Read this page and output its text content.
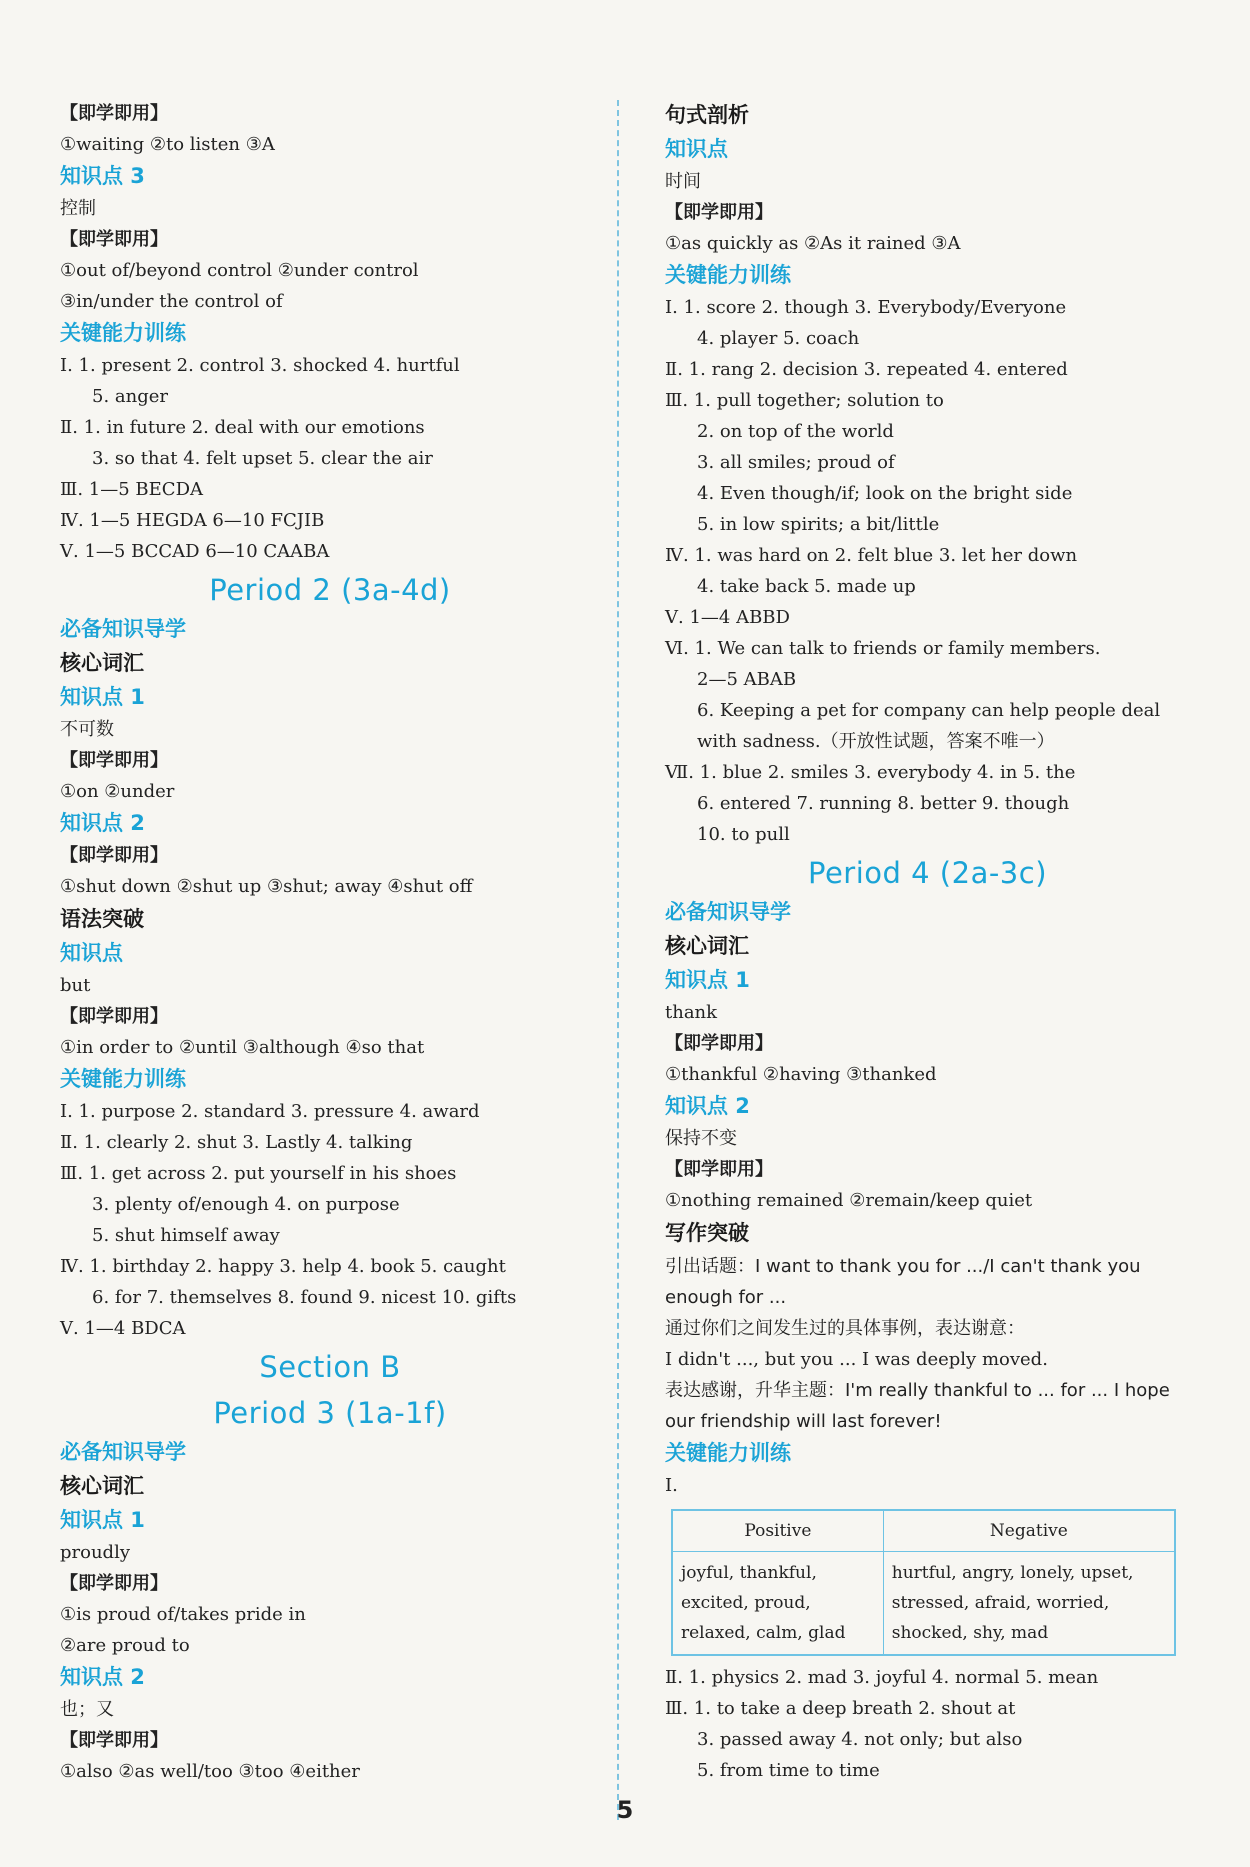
【即学即用】
①waiting ②to listen ③A
知识点 3
控制
【即学即用】
①out of/beyond control ②under control
③in/under the control of
关键能力训练
Ⅰ. 1. present 2. control 3. shocked 4. hurtful
5. anger
Ⅱ. 1. in future 2. deal with our emotions
3. so that 4. felt upset 5. clear the air
Ⅲ. 1—5 BECDA
Ⅳ. 1—5 HEGDA 6—10 FCJIB
Ⅴ. 1—5 BCCAD 6—10 CAABA
Period 2 (3a-4d)
必备知识导学
核心词汇
知识点 1
不可数
【即学即用】
①on ②under
知识点 2
【即学即用】
①shut down ②shut up ③shut; away ④shut off
语法突破
知识点
but
【即学即用】
①in order to ②until ③although ④so that
关键能力训练
Ⅰ. 1. purpose 2. standard 3. pressure 4. award
Ⅱ. 1. clearly 2. shut 3. Lastly 4. talking
Ⅲ. 1. get across 2. put yourself in his shoes
3. plenty of/enough 4. on purpose
5. shut himself away
Ⅳ. 1. birthday 2. happy 3. help 4. book 5. caught
6. for 7. themselves 8. found 9. nicest 10. gifts
Ⅴ. 1—4 BDCA
Section B
Period 3 (1a-1f)
必备知识导学
核心词汇
知识点 1
proudly
【即学即用】
①is proud of/takes pride in
②are proud to
知识点 2
也；又
【即学即用】
①also ②as well/too ③too ④either
句式剖析
知识点
时间
【即学即用】
①as quickly as ②As it rained ③A
关键能力训练
Ⅰ. 1. score 2. though 3. Everybody/Everyone
4. player 5. coach
Ⅱ. 1. rang 2. decision 3. repeated 4. entered
Ⅲ. 1. pull together; solution to
2. on top of the world
3. all smiles; proud of
4. Even though/if; look on the bright side
5. in low spirits; a bit/little
Ⅳ. 1. was hard on 2. felt blue 3. let her down
4. take back 5. made up
Ⅴ. 1—4 ABBD
Ⅵ. 1. We can talk to friends or family members.
2—5 ABAB
6. Keeping a pet for company can help people deal with sadness.（开放性试题，答案不唯一）
Ⅶ. 1. blue 2. smiles 3. everybody 4. in 5. the
6. entered 7. running 8. better 9. though
10. to pull
Period 4 (2a-3c)
必备知识导学
核心词汇
知识点 1
thank
【即学即用】
①thankful ②having ③thanked
知识点 2
保持不变
【即学即用】
①nothing remained ②remain/keep quiet
写作突破
引出话题：I want to thank you for .../I can't thank you enough for ...
通过你们之间发生过的具体事例，表达谢意：
I didn't ..., but you ... I was deeply moved.
表达感谢，升华主题：I'm really thankful to ... for ... I hope our friendship will last forever!
关键能力训练
Ⅰ.
Positive	Negative
joyful, thankful, excited, proud, relaxed, calm, glad	hurtful, angry, lonely, upset, stressed, afraid, worried, shocked, shy, mad
Ⅱ. 1. physics 2. mad 3. joyful 4. normal 5. mean
Ⅲ. 1. to take a deep breath 2. shout at
3. passed away 4. not only; but also
5. from time to time
5
